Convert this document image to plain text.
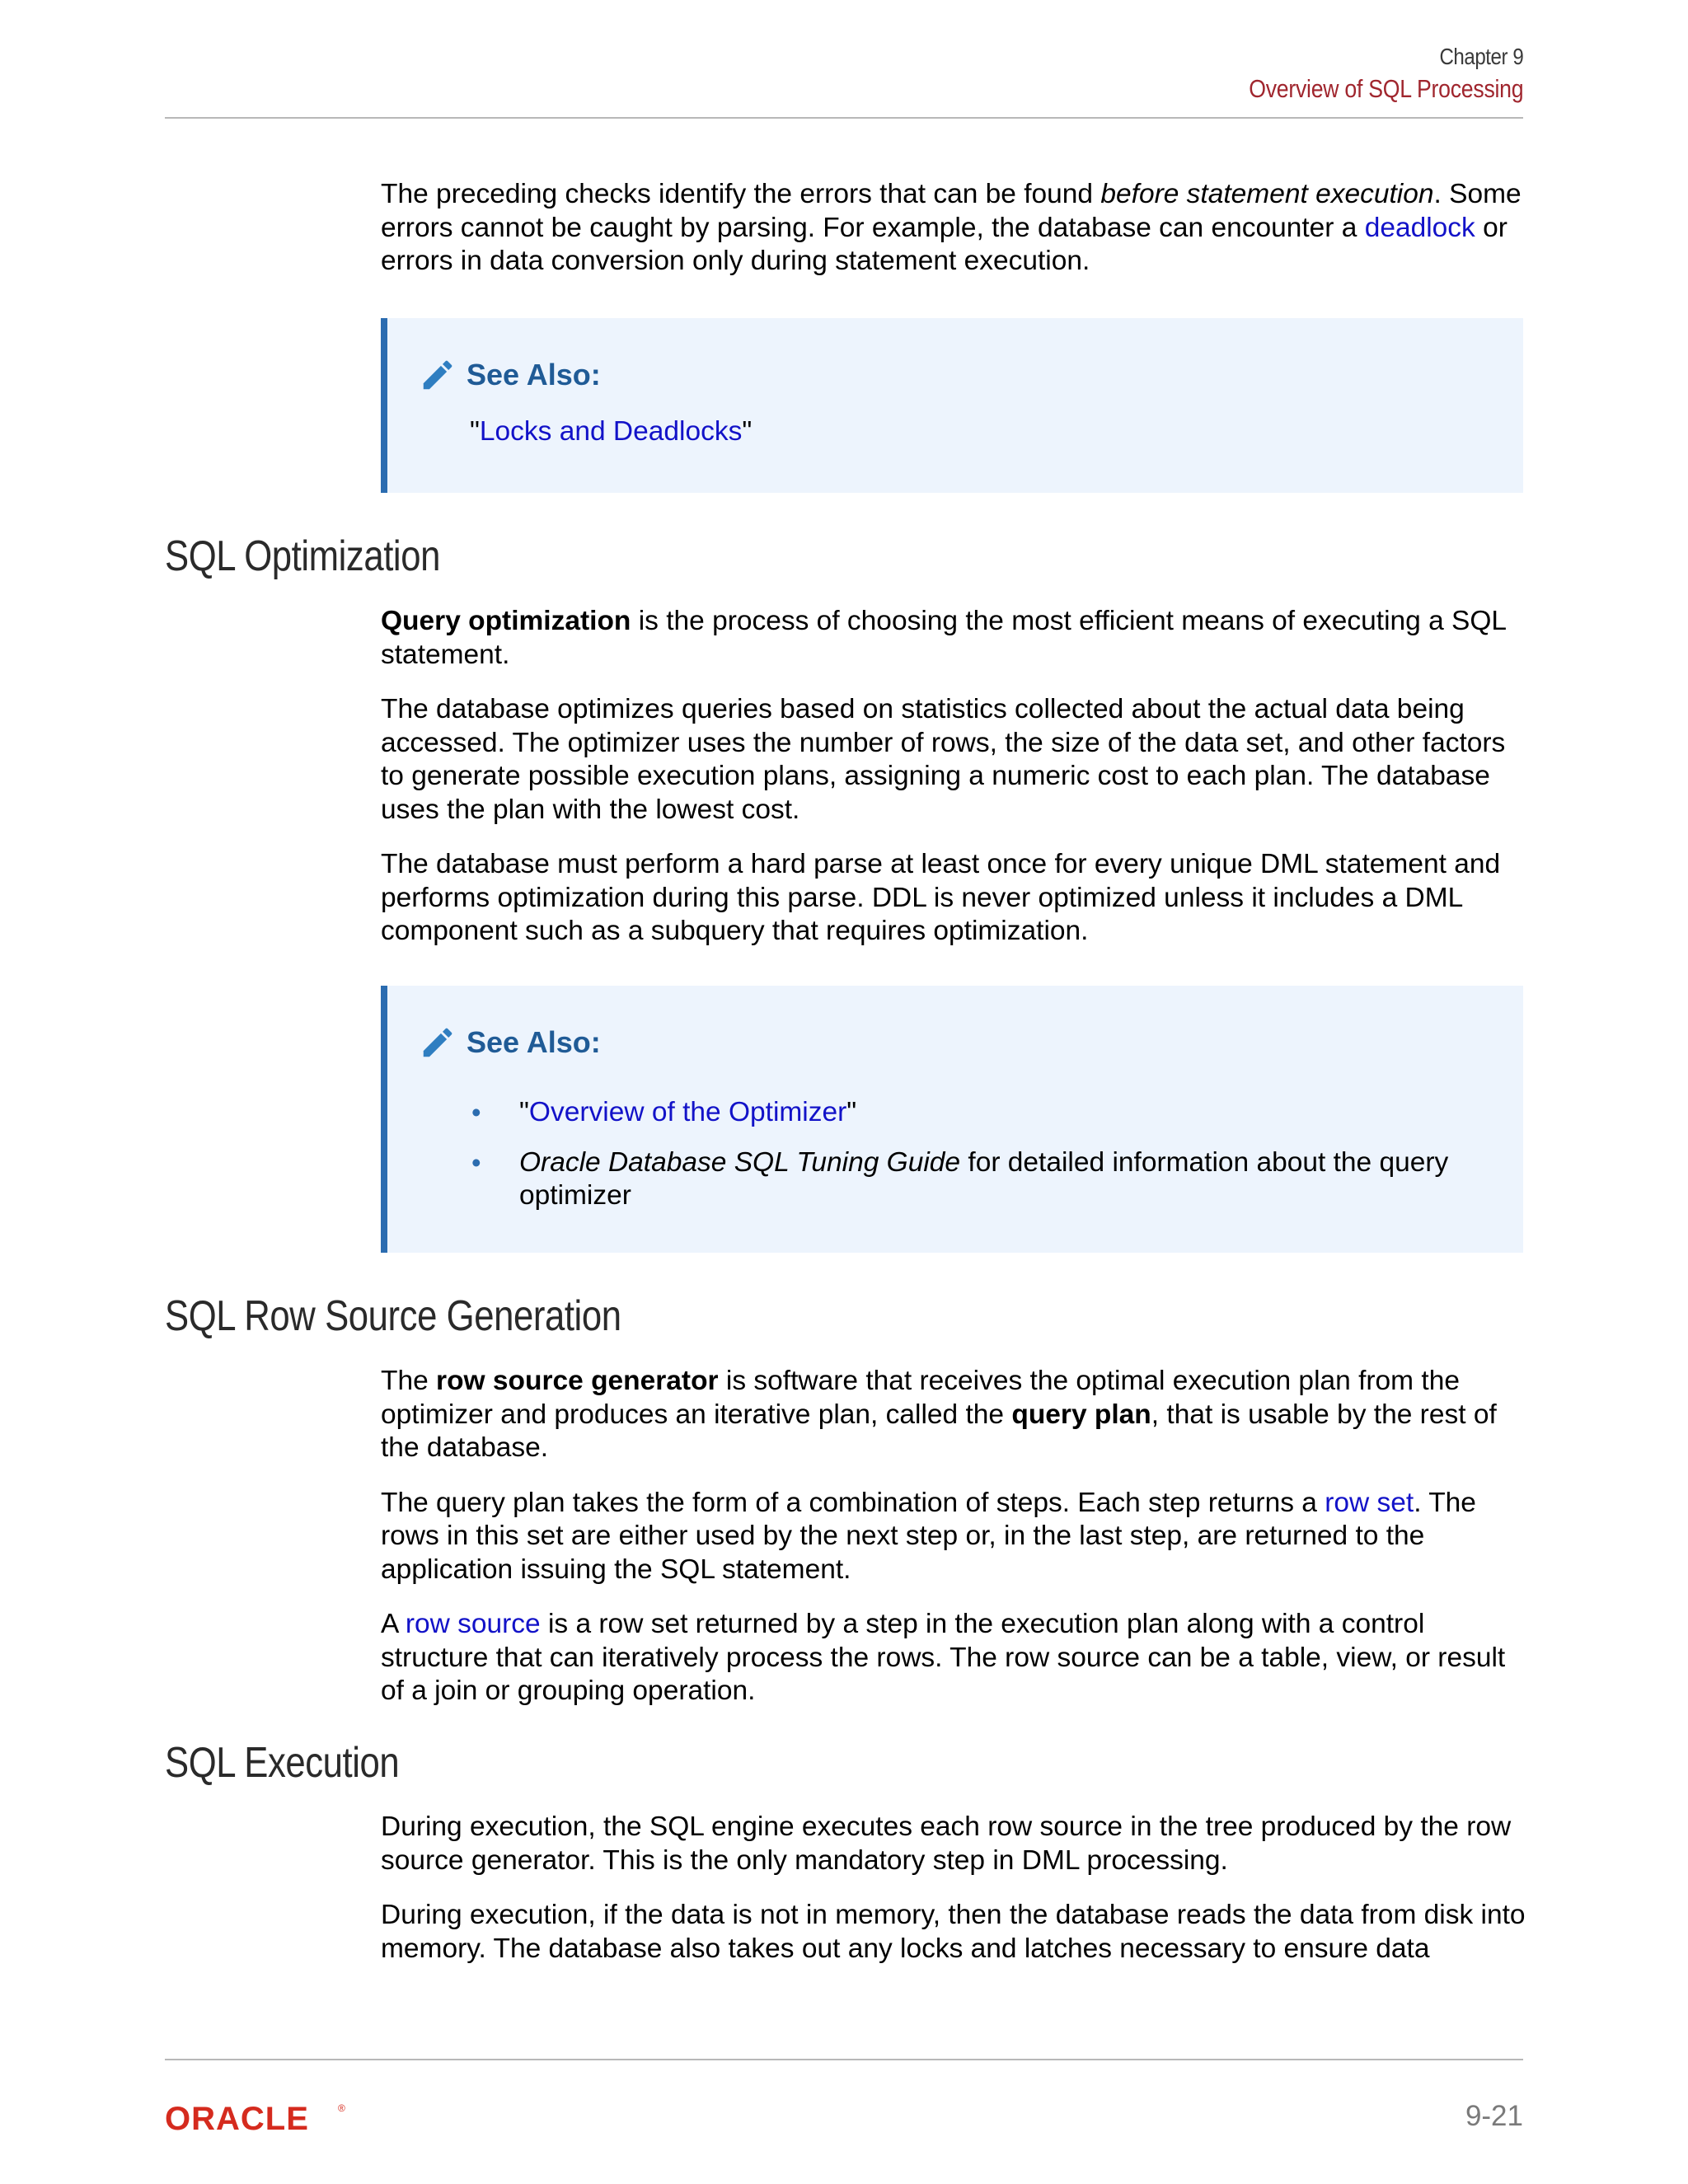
Chapter 9
Overview of SQL Processing

The preceding checks identify the errors that can be found before statement execution. Some errors cannot be caught by parsing. For example, the database can encounter a deadlock or errors in data conversion only during statement execution.

See Also:
"Locks and Deadlocks"
SQL Optimization

Query optimization is the process of choosing the most efficient means of executing a SQL statement.

The database optimizes queries based on statistics collected about the actual data being accessed. The optimizer uses the number of rows, the size of the data set, and other factors to generate possible execution plans, assigning a numeric cost to each plan. The database uses the plan with the lowest cost.

The database must perform a hard parse at least once for every unique DML statement and performs optimization during this parse. DDL is never optimized unless it includes a DML component such as a subquery that requires optimization.

See Also:
• "Overview of the Optimizer"
• Oracle Database SQL Tuning Guide for detailed information about the query optimizer
SQL Row Source Generation

The row source generator is software that receives the optimal execution plan from the optimizer and produces an iterative plan, called the query plan, that is usable by the rest of the database.

The query plan takes the form of a combination of steps. Each step returns a row set. The rows in this set are either used by the next step or, in the last step, are returned to the application issuing the SQL statement.

A row source is a row set returned by a step in the execution plan along with a control structure that can iteratively process the rows. The row source can be a table, view, or result of a join or grouping operation.

SQL Execution

During execution, the SQL engine executes each row source in the tree produced by the row source generator. This is the only mandatory step in DML processing.

During execution, if the data is not in memory, then the database reads the data from disk into memory. The database also takes out any locks and latches necessary to ensure data

ORACLE	®	9-21
